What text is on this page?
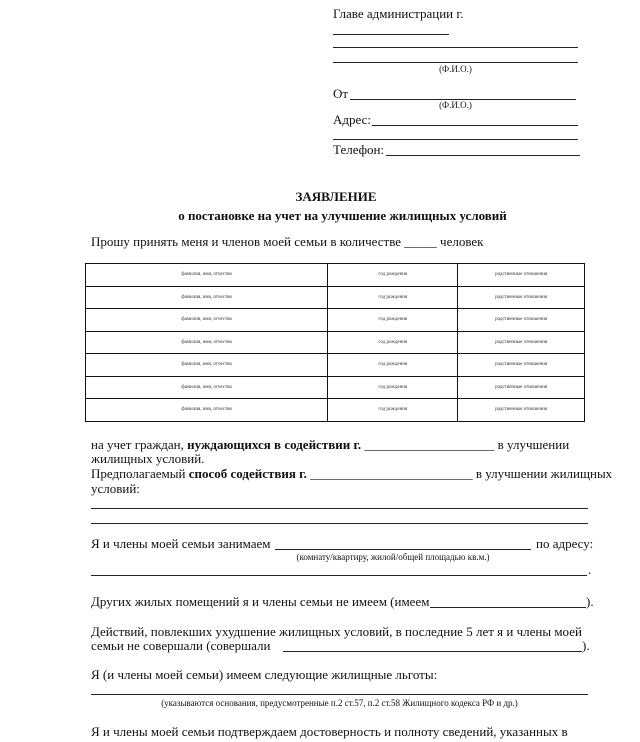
Главе администрации г.
(Ф.И.О.)
От
(Ф.И.О.)
Адрес:
Телефон:
ЗАЯВЛЕНИЕ
о постановке на учет на улучшение жилищных условий
Прошу принять меня и членов моей семьи в количестве _____ человек
фамилия, имя, отчество	год рождения	родственные отношения
фамилия, имя, отчество	год рождения	родственные отношения
фамилия, имя, отчество	год рождения	родственные отношения
фамилия, имя, отчество	год рождения	родственные отношения
фамилия, имя, отчество	год рождения	родственные отношения
фамилия, имя, отчество	год рождения	родственные отношения
фамилия, имя, отчество	год рождения	родственные отношения
на учет граждан, нуждающихся в содействии г. ____________________ в улучшении
жилищных условий.
Предполагаемый способ содействия г. _________________________ в улучшении жилищных
условий:
Я и члены моей семьи занимаем	по адресу:
(комнату/квартиру, жилой/общей площадью кв.м.)
.
Других жилых помещений я и члены семьи не имеем (имеем	).
Действий, повлекших ухудшение жилищных условий, в последние 5 лет я и члены моей
семьи не совершали (совершали	).
Я (и члены моей семьи) имеем следующие жилищные льготы:
(указываются основания, предусмотренные п.2 ст.57, п.2 ст.58 Жилищного кодекса РФ и др.)
Я и члены моей семьи подтверждаем достоверность и полноту сведений, указанных в
